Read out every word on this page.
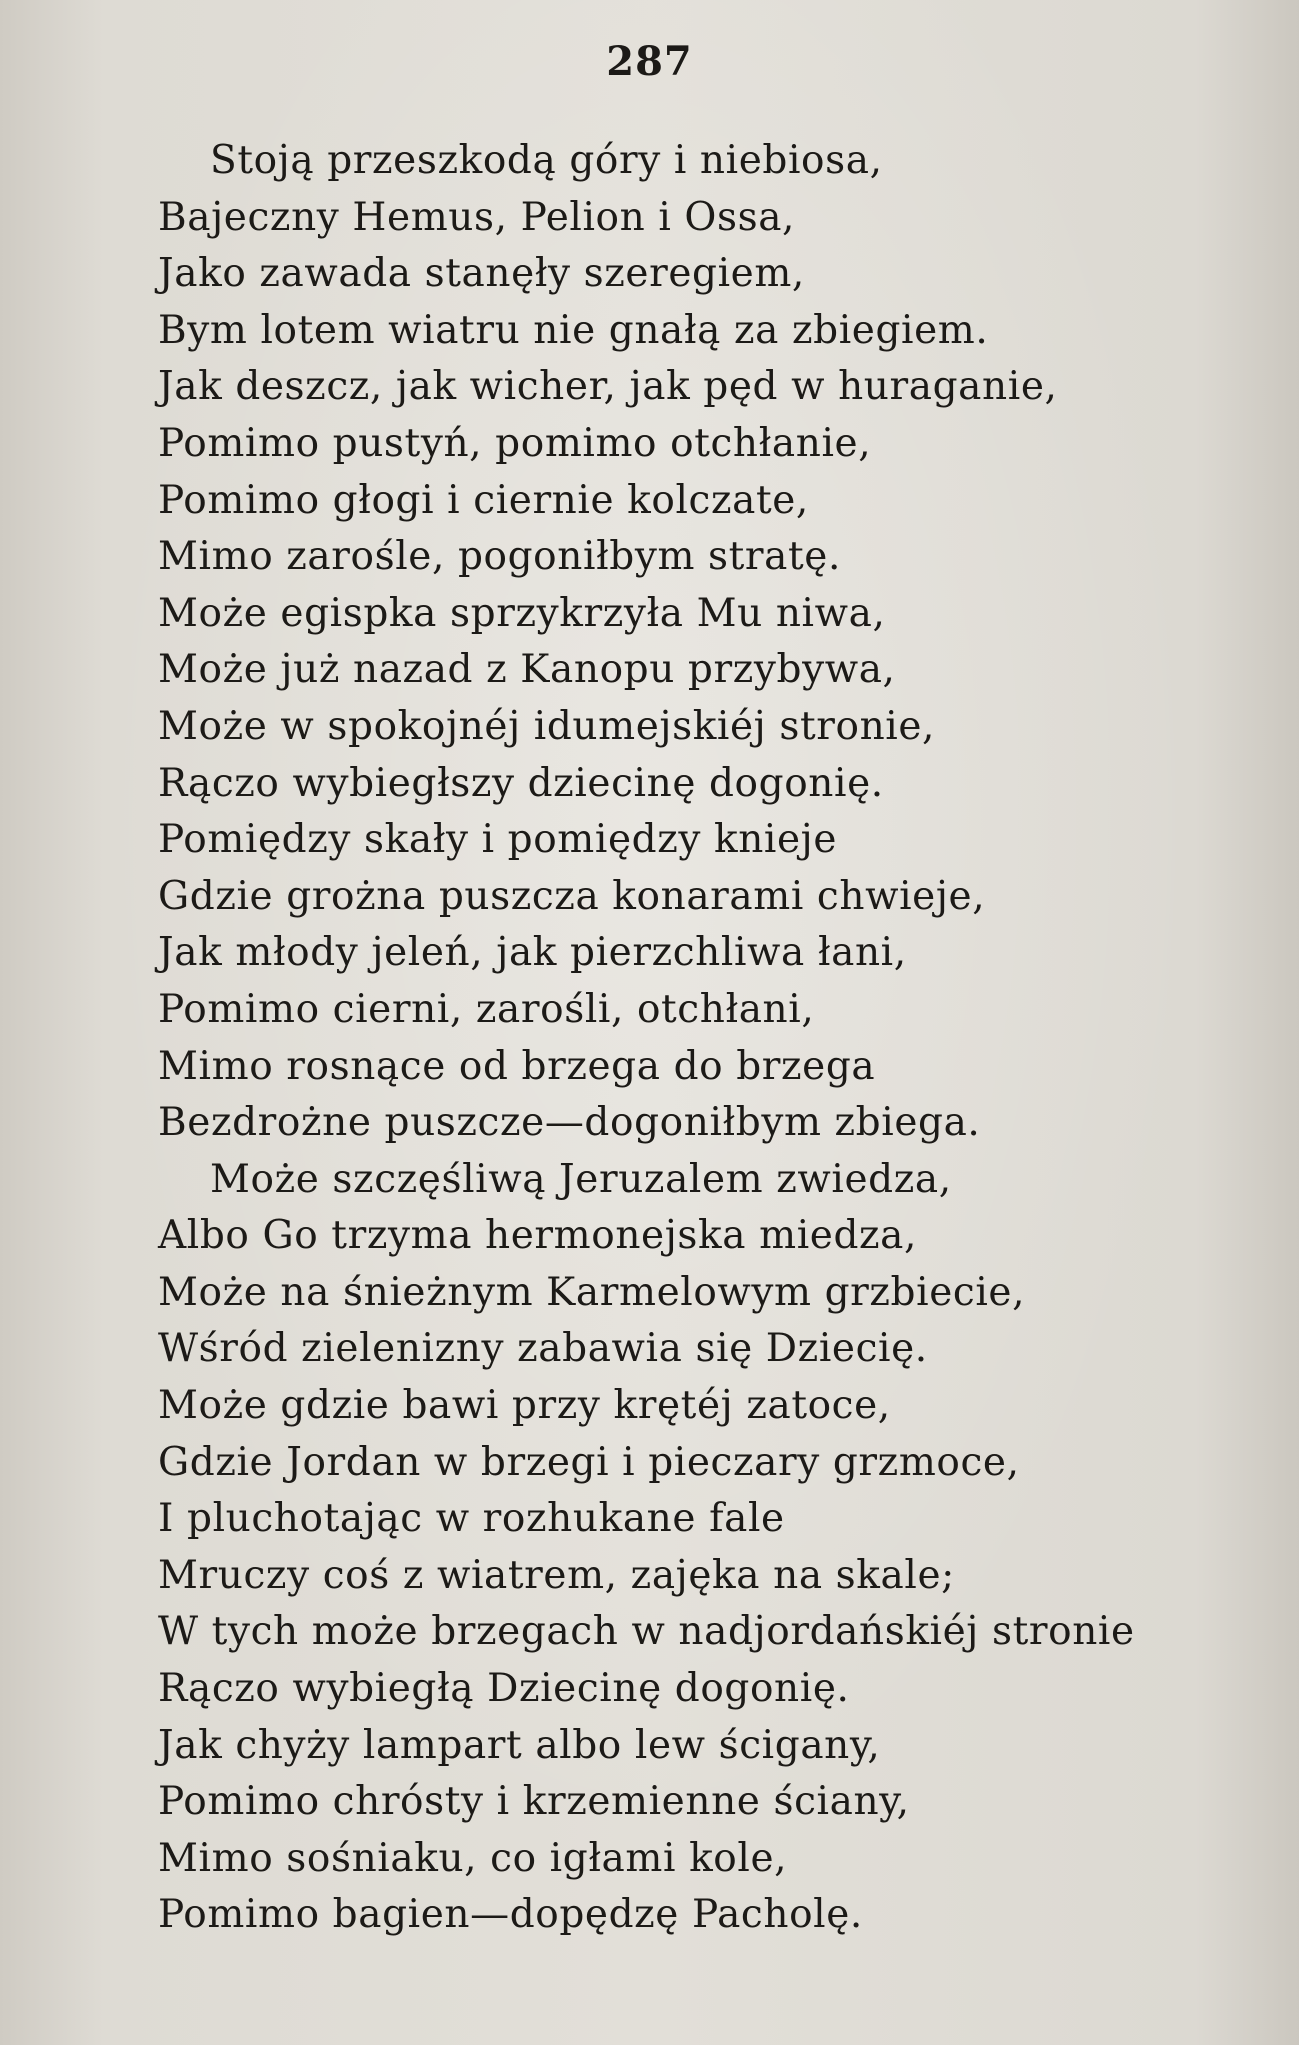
287
Stoją przeszkodą góry i niebiosa,
Bajeczny Hemus, Pelion i Ossa,
Jako zawada stanęły szeregiem,
Bym lotem wiatru nie gnałą za zbiegiem.
Jak deszcz, jak wicher, jak pęd w huraganie,
Pomimo pustyń, pomimo otchłanie,
Pomimo głogi i ciernie kolczate,
Mimo zarośle, pogoniłbym stratę.
Może egispka sprzykrzyła Mu niwa,
Może już nazad z Kanopu przybywa,
Może w spokojnéj idumejskiéj stronie,
Rączo wybiegłszy dziecinę dogonię.
Pomiędzy skały i pomiędzy knieje
Gdzie grożna puszcza konarami chwieje,
Jak młody jeleń, jak pierzchliwa łani,
Pomimo cierni, zarośli, otchłani,
Mimo rosnące od brzega do brzega
Bezdrożne puszcze—dogoniłbym zbiega.
Może szczęśliwą Jeruzalem zwiedza,
Albo Go trzyma hermonejska miedza,
Może na śnieżnym Karmelowym grzbiecie,
Wśród zielenizny zabawia się Dziecię.
Może gdzie bawi przy krętéj zatoce,
Gdzie Jordan w brzegi i pieczary grzmoce,
I pluchotając w rozhukane fale
Mruczy coś z wiatrem, zajęka na skale;
W tych może brzegach w nadjordańskiéj stronie
Rączo wybiegłą Dziecinę dogonię.
Jak chyży lampart albo lew ścigany,
Pomimo chrósty i krzemienne ściany,
Mimo sośniaku, co igłami kole,
Pomimo bagien—dopędzę Pacholę.
